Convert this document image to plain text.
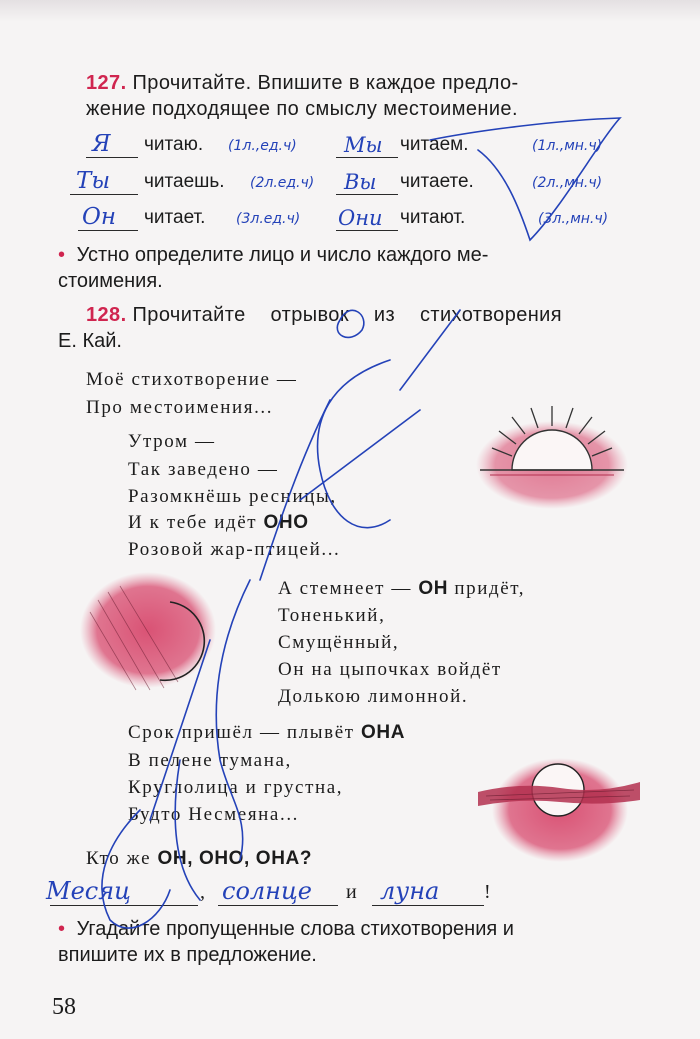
127. Прочитайте. Впишите в каждое предло-
жение подходящее по смыслу местоимение.
Я читаю. (1л.,ед.ч) Мы читаем.	(1л.,мн.ч)
Ты читаешь. (2л.ед.ч) Вы читаете.	(2л.,мн.ч)
Он читает. (3л.ед.ч) Они читают.	(3л.,мн.ч)
• Устно определите лицо и число каждого ме-
стоимения.
128. Прочитайте отрывок из стихотворения
Е. Кай.
Моё стихотворение —
Про местоимения...
Утром —
Так заведено —
Разомкнёшь ресницы,
И к тебе идёт ОНО
Розовой жар-птицей...
А стемнеет — ОН придёт,
Тоненький,
Смущённый,
Он на цыпочках войдёт
Долькою лимонной.
Срок пришёл — плывёт ОНА
В пелене тумана,
Круглолица и грустна,
Будто Несмеяна...
Кто же ОН, ОНО, ОНА?
Месяц	, солнце и луна !
• Угадайте пропущенные слова стихотворения и
впишите их в предложение.
58
